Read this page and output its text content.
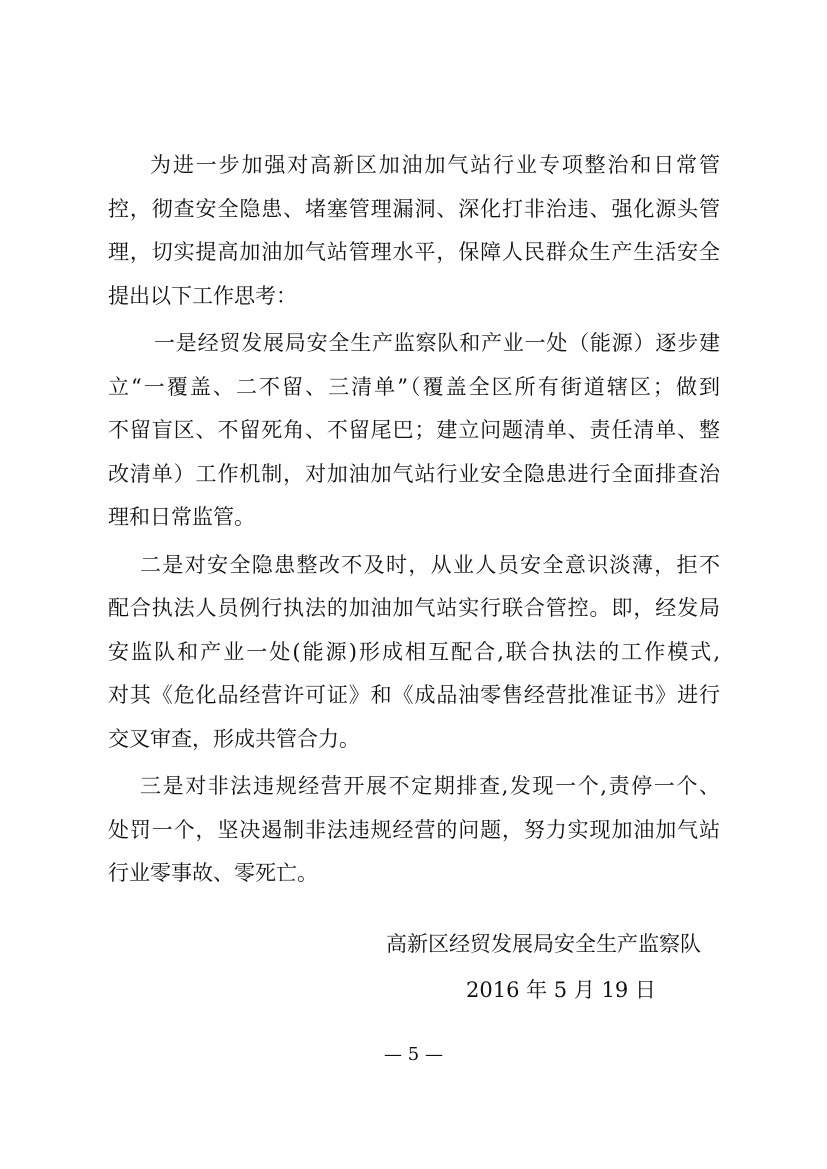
为进一步加强对高新区加油加气站行业专项整治和日常管
控，彻查安全隐患、堵塞管理漏洞、深化打非治违、强化源头管
理，切实提高加油加气站管理水平，保障人民群众生产生活安全
提出以下工作思考：
一是经贸发展局安全生产监察队和产业一处（能源）逐步建
立“一覆盖、二不留、三清单”（覆盖全区所有街道辖区；做到
不留盲区、不留死角、不留尾巴；建立问题清单、责任清单、整
改清单）工作机制，对加油加气站行业安全隐患进行全面排查治
理和日常监管。
二是对安全隐患整改不及时，从业人员安全意识淡薄，拒不
配合执法人员例行执法的加油加气站实行联合管控。即，经发局
安监队和产业一处(能源)形成相互配合,联合执法的工作模式,
对其《危化品经营许可证》和《成品油零售经营批准证书》进行
交叉审查，形成共管合力。
三是对非法违规经营开展不定期排查,发现一个,责停一个、
处罚一个，坚决遏制非法违规经营的问题，努力实现加油加气站
行业零事故、零死亡。
高新区经贸发展局安全生产监察队
2016 年 5 月 19 日
— 5 —
